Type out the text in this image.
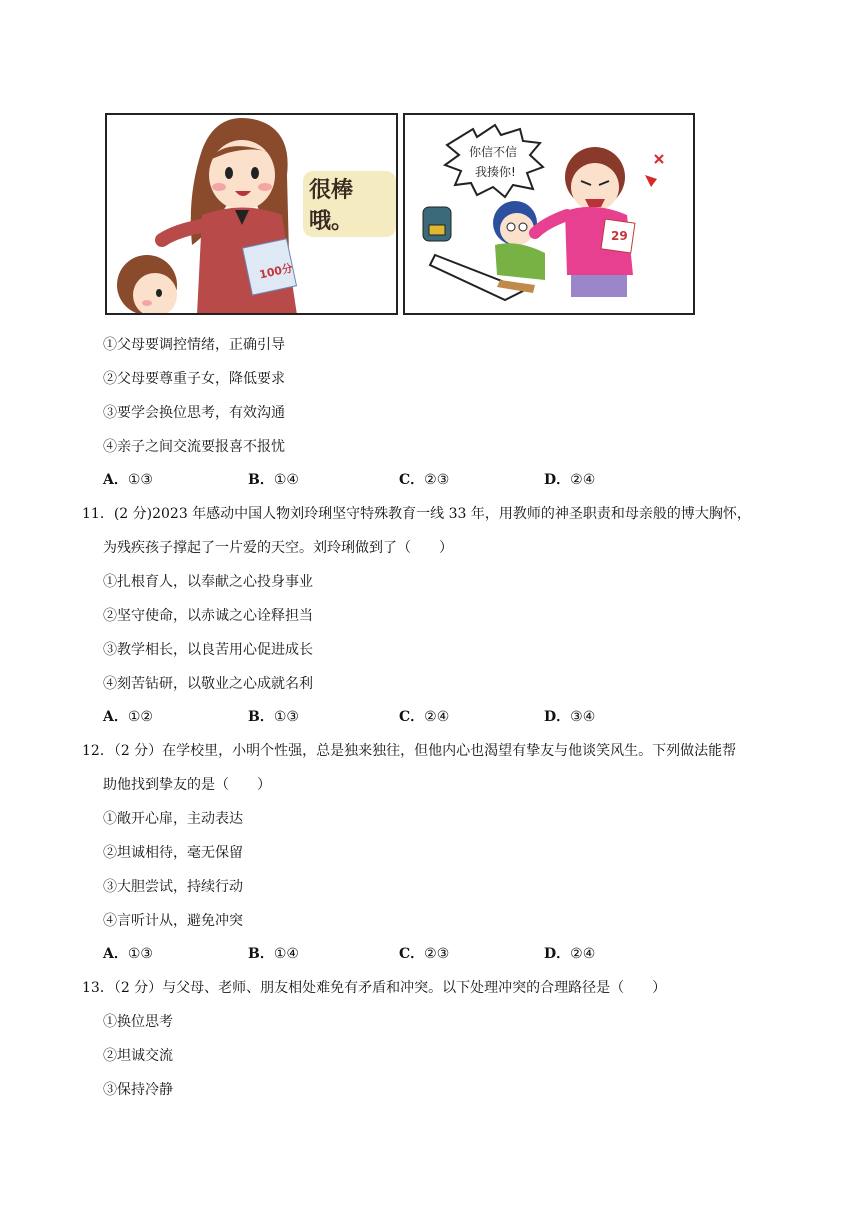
很棒哦。
100分
你信不信
我揍你!
29
①父母要调控情绪，正确引导
②父母要尊重子女，降低要求
③要学会换位思考，有效沟通
④亲子之间交流要报喜不报忧
A．①③	B．①④	C．②③	D．②④
11．(2 分)2023 年感动中国人物刘玲琍坚守特殊教育一线 33 年，用教师的神圣职责和母亲般的博大胸怀，
为残疾孩子撑起了一片爱的天空。刘玲琍做到了（　　）
①扎根育人，以奉献之心投身事业
②坚守使命，以赤诚之心诠释担当
③教学相长，以良苦用心促进成长
④刻苦钻研，以敬业之心成就名利
A．①②	B．①③	C．②④	D．③④
12．（2 分）在学校里，小明个性强，总是独来独往，但他内心也渴望有挚友与他谈笑风生。下列做法能帮
助他找到挚友的是（　　）
①敞开心扉，主动表达
②坦诚相待，毫无保留
③大胆尝试，持续行动
④言听计从，避免冲突
A．①③	B．①④	C．②③	D．②④
13．（2 分）与父母、老师、朋友相处难免有矛盾和冲突。以下处理冲突的合理路径是（　　）
①换位思考
②坦诚交流
③保持冷静
